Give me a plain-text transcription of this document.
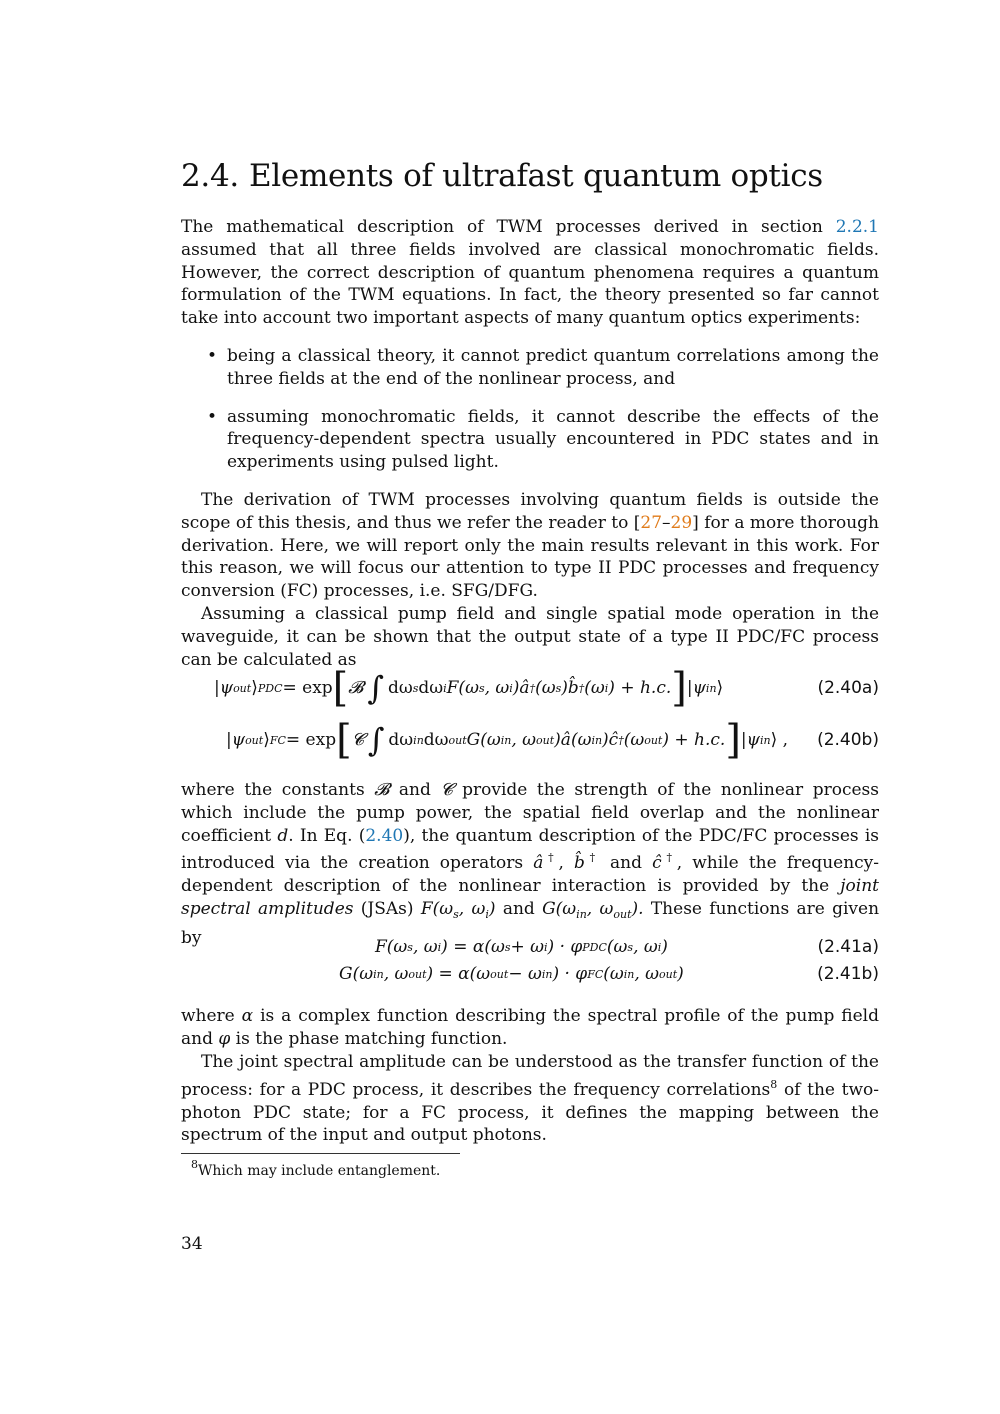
2.4. Elements of ultrafast quantum optics

The mathematical description of TWM processes derived in section 2.2.1 assumed that all three fields involved are classical monochromatic fields. However, the correct description of quantum phenomena requires a quantum formulation of the TWM equations. In fact, the theory presented so far cannot take into account two important aspects of many quantum optics experiments:

• being a classical theory, it cannot predict quantum correlations among the three fields at the end of the nonlinear process, and
• assuming monochromatic fields, it cannot describe the effects of the frequency-dependent spectra usually encountered in PDC states and in experiments using pulsed light.

The derivation of TWM processes involving quantum fields is outside the scope of this thesis, and thus we refer the reader to [27–29] for a more thorough derivation. Here, we will report only the main results relevant in this work. For this reason, we will focus our attention to type II PDC processes and frequency conversion (FC) processes, i.e. SFG/DFG.

Assuming a classical pump field and single spatial mode operation in the waveguide, it can be shown that the output state of a type II PDC/FC process can be calculated as

|ψ out ⟩ PDC = exp [ 𝓑 ∫ dω s dω i F(ω s , ω i )â † (ω s )b̂ † (ω i ) + h.c. ] |ψ in ⟩	(2.40a)
|ψ out ⟩ FC = exp [ 𝓒 ∫ dω in dω out G(ω in , ω out )â(ω in )ĉ † (ω out ) + h.c. ] |ψ in ⟩ , (2.40b)

where the constants 𝓑 and 𝓒 provide the strength of the nonlinear process which include the pump power, the spatial field overlap and the nonlinear coefficient d. In Eq. (2.40), the quantum description of the PDC/FC processes is introduced via the creation operators â†, b̂† and ĉ†, while the frequency-dependent description of the nonlinear interaction is provided by the joint spectral amplitudes (JSAs) $F(\omega_s$, $\omega_i$) and $G(\omega_{in}$, $\omega_{out}$). These functions are given by	F(ω s , ω i ) = α(ω s + ω i ) · φ PDC (ω s , ω i )	(2.41a)
G(ω in , ω out ) = α(ω out − ω in ) · φ FC (ω in , ω out )	(2.41b)

where α is a complex function describing the spectral profile of the pump field and φ is the phase matching function.

The joint spectral amplitude can be understood as the transfer function of the process: for a PDC process, it describes the frequency correlations$^8$ of the two-photon PDC state; for a FC process, it defines the mapping between the spectrum of the input and output photons.

$^8$Which may include entanglement.
34
